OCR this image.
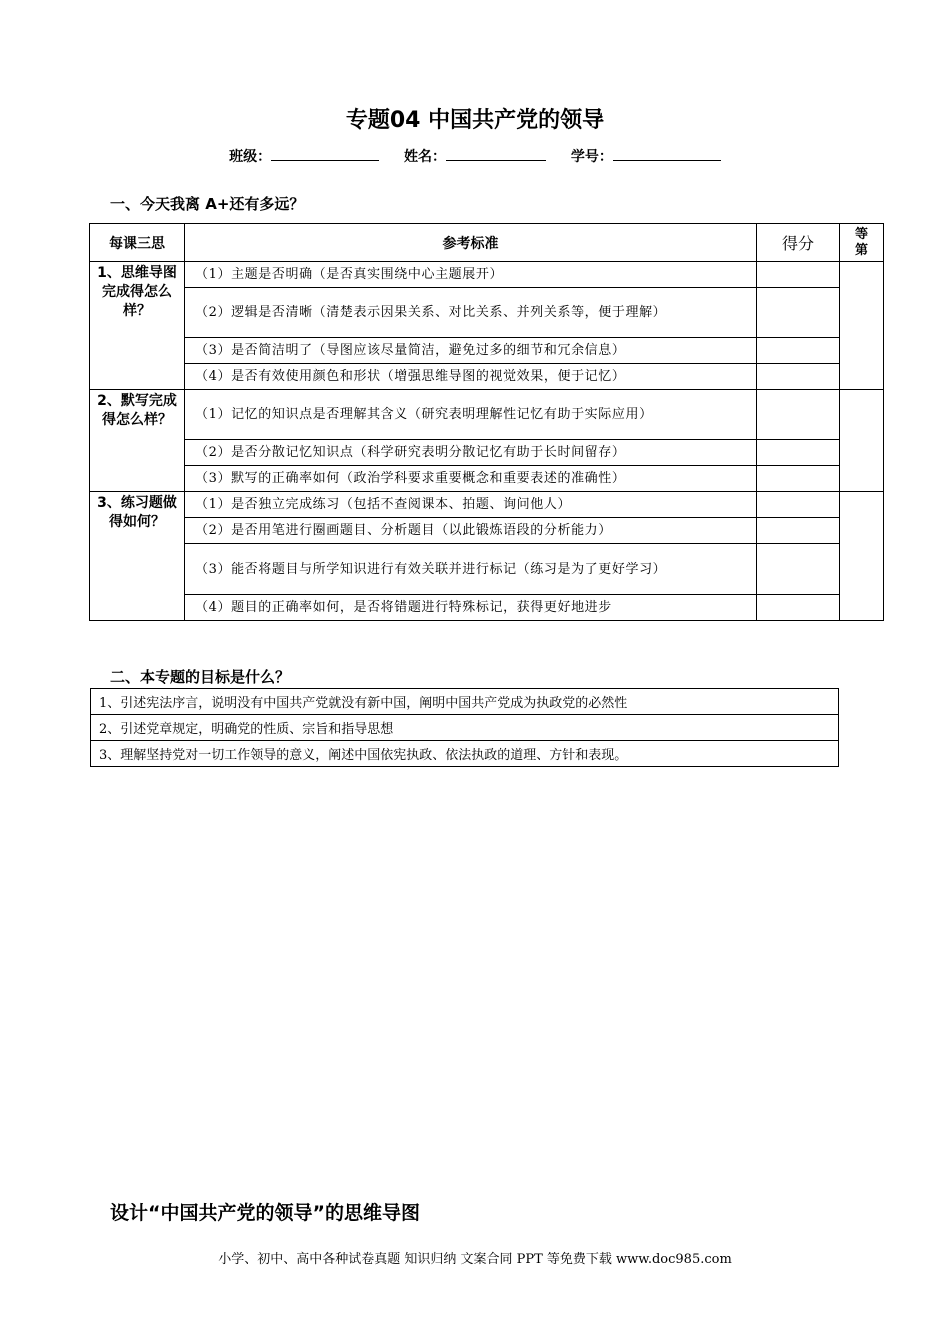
专题04 中国共产党的领导
班级：	姓名：	学号：
一、今天我离 A+还有多远？
每课三思	参考标准	得分	等第
1、思维导图完成得怎么样？	（1）主题是否明确（是否真实围绕中心主题展开）		
	（2）逻辑是否清晰（清楚表示因果关系、对比关系、并列关系等，便于理解）		
	（3）是否简洁明了（导图应该尽量简洁，避免过多的细节和冗余信息）		
	（4）是否有效使用颜色和形状（增强思维导图的视觉效果，便于记忆）		
2、默写完成得怎么样？	（1）记忆的知识点是否理解其含义（研究表明理解性记忆有助于实际应用）		
	（2）是否分散记忆知识点（科学研究表明分散记忆有助于长时间留存）		
	（3）默写的正确率如何（政治学科要求重要概念和重要表述的准确性）		
3、练习题做得如何？	（1）是否独立完成练习（包括不查阅课本、拍题、询问他人）		
	（2）是否用笔进行圈画题目、分析题目（以此锻炼语段的分析能力）		
	（3）能否将题目与所学知识进行有效关联并进行标记（练习是为了更好学习）		
	（4）题目的正确率如何，是否将错题进行特殊标记，获得更好地进步		
二、本专题的目标是什么？
1、引述宪法序言，说明没有中国共产党就没有新中国，阐明中国共产党成为执政党的必然性
2、引述党章规定，明确党的性质、宗旨和指导思想
3、理解坚持党对一切工作领导的意义，阐述中国依宪执政、依法执政的道理、方针和表现。
设计“中国共产党的领导”的思维导图
小学、初中、高中各种试卷真题 知识归纳 文案合同 PPT 等免费下载 www.doc985.com
